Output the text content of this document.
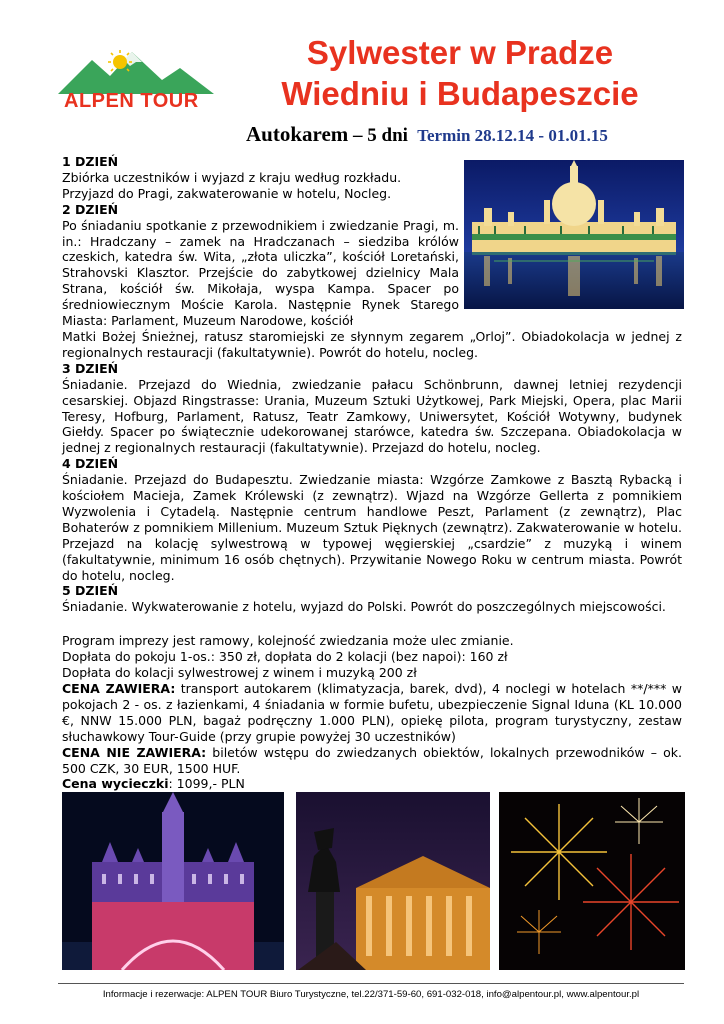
ALPEN TOUR
Sylwester w Pradze
Wiedniu i Budapeszcie
Autokarem – 5 dni Termin 28.12.14 - 01.01.15

1 DZIEŃ

Zbiórka uczestników i wyjazd z kraju według rozkładu.

Przyjazd do Pragi, zakwaterowanie w hotelu, Nocleg.

2 DZIEŃ

Po śniadaniu spotkanie z przewodnikiem i zwiedzanie Pragi, m. in.: Hradczany – zamek na Hradczanach – siedziba królów czeskich, katedra św. Wita, „złota uliczka”, kościół Loretański, Strahovski Klasztor. Przejście do zabytkowej dzielnicy Mala Strana, kościół św. Mikołaja, wyspa Kampa. Spacer po średniowiecznym Moście Karola. Następnie Rynek Starego Miasta: Parlament, Muzeum Narodowe, kościół

Matki Bożej Śnieżnej, ratusz staromiejski ze słynnym zegarem „Orloj”. Obiadokolacja w jednej z regionalnych restauracji (fakultatywnie). Powrót do hotelu, nocleg.

3 DZIEŃ

Śniadanie. Przejazd do Wiednia, zwiedzanie pałacu Schönbrunn, dawnej letniej rezydencji cesarskiej. Objazd Ringstrasse: Urania, Muzeum Sztuki Użytkowej, Park Miejski, Opera, plac Marii Teresy, Hofburg, Parlament, Ratusz, Teatr Zamkowy, Uniwersytet, Kościół Wotywny, budynek Giełdy. Spacer po świątecznie udekorowanej starówce, katedra św. Szczepana. Obiadokolacja w jednej z regionalnych restauracji (fakultatywnie). Przejazd do hotelu, nocleg.

4 DZIEŃ

Śniadanie. Przejazd do Budapesztu. Zwiedzanie miasta: Wzgórze Zamkowe z Basztą Rybacką i kościołem Macieja, Zamek Królewski (z zewnątrz). Wjazd na Wzgórze Gellerta z pomnikiem Wyzwolenia i Cytadelą. Następnie centrum handlowe Peszt, Parlament (z zewnątrz), Plac Bohaterów z pomnikiem Millenium. Muzeum Sztuk Pięknych (zewnątrz). Zakwaterowanie w hotelu. Przejazd na kolację sylwestrową w typowej węgierskiej „csardzie” z muzyką i winem (fakultatywnie, minimum 16 osób chętnych). Przywitanie Nowego Roku w centrum miasta. Powrót do hotelu, nocleg.

5 DZIEŃ

Śniadanie. Wykwaterowanie z hotelu, wyjazd do Polski. Powrót do poszczególnych miejscowości.

Program imprezy jest ramowy, kolejność zwiedzania może ulec zmianie.

Dopłata do pokoju 1-os.: 350 zł, dopłata do 2 kolacji (bez napoi): 160 zł

Dopłata do kolacji sylwestrowej z winem i muzyką 200 zł

CENA ZAWIERA: transport autokarem (klimatyzacja, barek, dvd), 4 noclegi w hotelach **/*** w pokojach 2 - os. z łazienkami, 4 śniadania w formie bufetu, ubezpieczenie Signal Iduna (KL 10.000 €, NNW 15.000 PLN, bagaż podręczny 1.000 PLN), opiekę pilota, program turystyczny, zestaw słuchawkowy Tour-Guide (przy grupie powyżej 30 uczestników)

CENA NIE ZAWIERA: biletów wstępu do zwiedzanych obiektów, lokalnych przewodników – ok. 500 CZK, 30 EUR, 1500 HUF.

Cena wycieczki: 1099,- PLN

Informacje i rezerwacje: ALPEN TOUR Biuro Turystyczne, tel.22/371-59-60, 691-032-018, info@alpentour.pl, www.alpentour.pl
